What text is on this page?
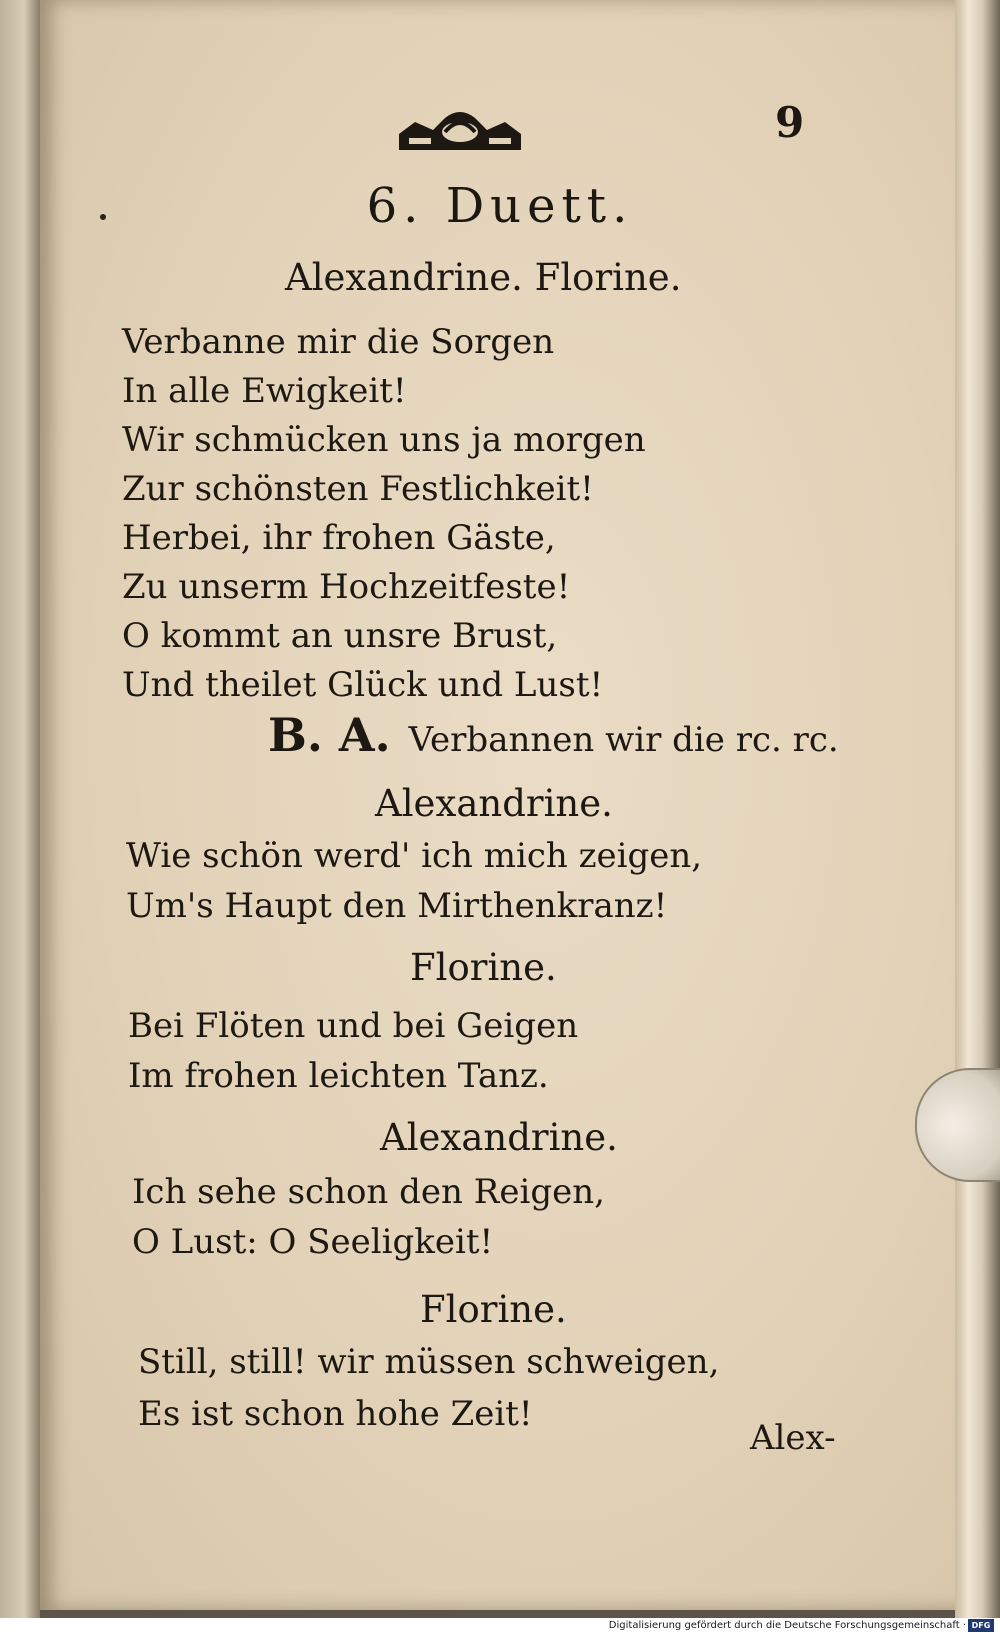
9
6. Duett.
Alexandrine. Florine.
Verbanne mir die Sorgen
In alle Ewigkeit!
Wir schmücken uns ja morgen
Zur schönsten Festlichkeit!
Herbei, ihr frohen Gäste,
Zu unserm Hochzeitfeste!
O kommt an unsre Brust,
Und theilet Glück und Lust!
B. A. Verbannen wir die rc. rc.
Alexandrine.
Wie schön werd' ich mich zeigen,
Um's Haupt den Mirthenkranz!
Florine.
Bei Flöten und bei Geigen
Im frohen leichten Tanz.
Alexandrine.
Ich sehe schon den Reigen,
O Lust: O Seeligkeit!
Florine.
Still, still! wir müssen schweigen,
Es ist schon hohe Zeit!
Alex-
Digitalisierung gefördert durch die Deutsche Forschungsgemeinschaft · DFG
